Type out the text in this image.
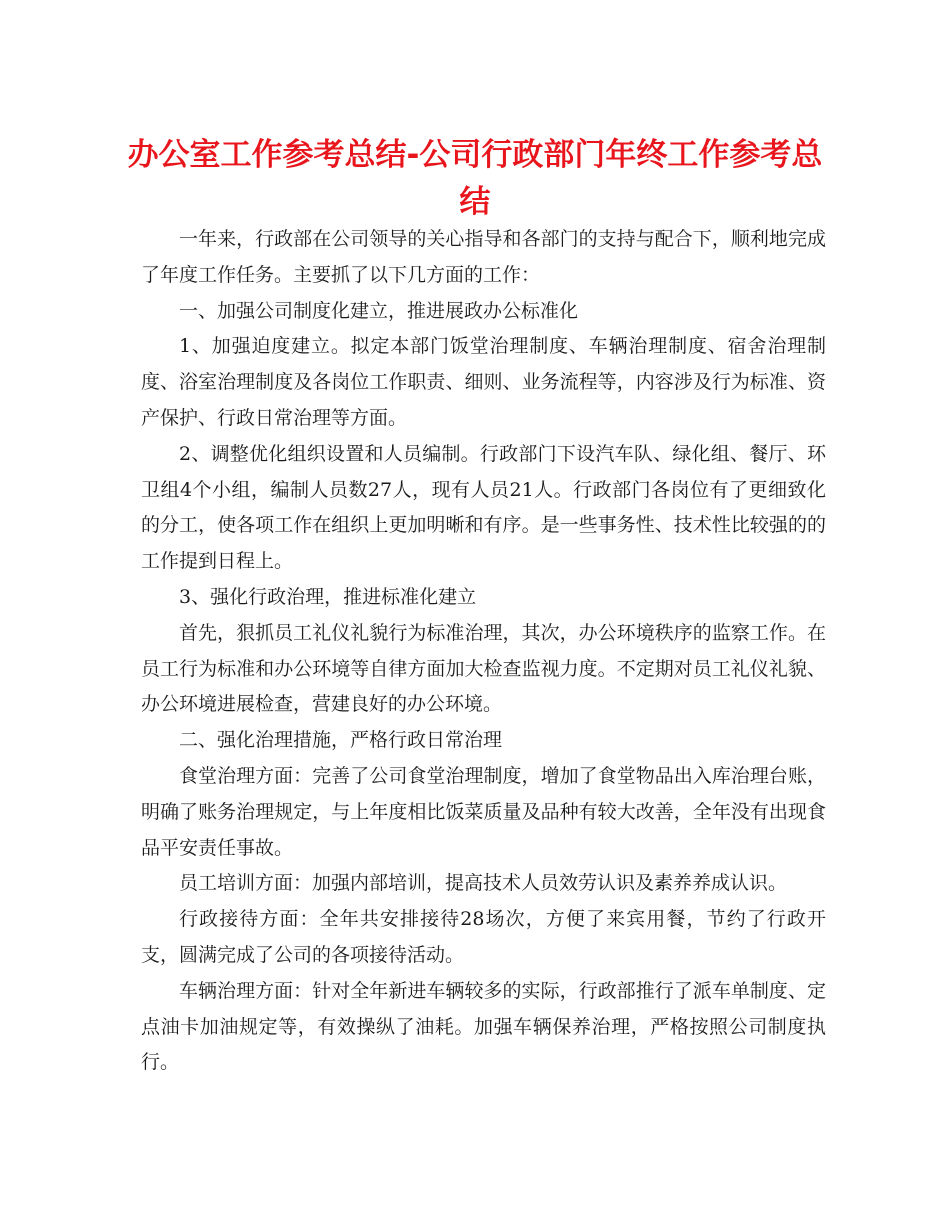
办公室工作参考总结-公司行政部门年终工作参考总结

一年来，行政部在公司领导的关心指导和各部门的支持与配合下，顺利地完成了年度工作任务。主要抓了以下几方面的工作：

一、加强公司制度化建立，推进展政办公标准化

1、加强迫度建立。拟定本部门饭堂治理制度、车辆治理制度、宿舍治理制度、浴室治理制度及各岗位工作职责、细则、业务流程等，内容涉及行为标准、资产保护、行政日常治理等方面。

2、调整优化组织设置和人员编制。行政部门下设汽车队、绿化组、餐厅、环卫组4个小组，编制人员数27人，现有人员21人。行政部门各岗位有了更细致化的分工，使各项工作在组织上更加明晰和有序。是一些事务性、技术性比较强的的工作提到日程上。

3、强化行政治理，推进标准化建立

首先，狠抓员工礼仪礼貌行为标准治理，其次，办公环境秩序的监察工作。在员工行为标准和办公环境等自律方面加大检查监视力度。不定期对员工礼仪礼貌、办公环境进展检查，营建良好的办公环境。

二、强化治理措施，严格行政日常治理

食堂治理方面：完善了公司食堂治理制度，增加了食堂物品出入库治理台账，明确了账务治理规定，与上年度相比饭菜质量及品种有较大改善，全年没有出现食品平安责任事故。

员工培训方面：加强内部培训，提高技术人员效劳认识及素养养成认识。

行政接待方面：全年共安排接待28场次，方便了来宾用餐，节约了行政开支，圆满完成了公司的各项接待活动。

车辆治理方面：针对全年新进车辆较多的实际，行政部推行了派车单制度、定点油卡加油规定等，有效操纵了油耗。加强车辆保养治理，严格按照公司制度执行。
